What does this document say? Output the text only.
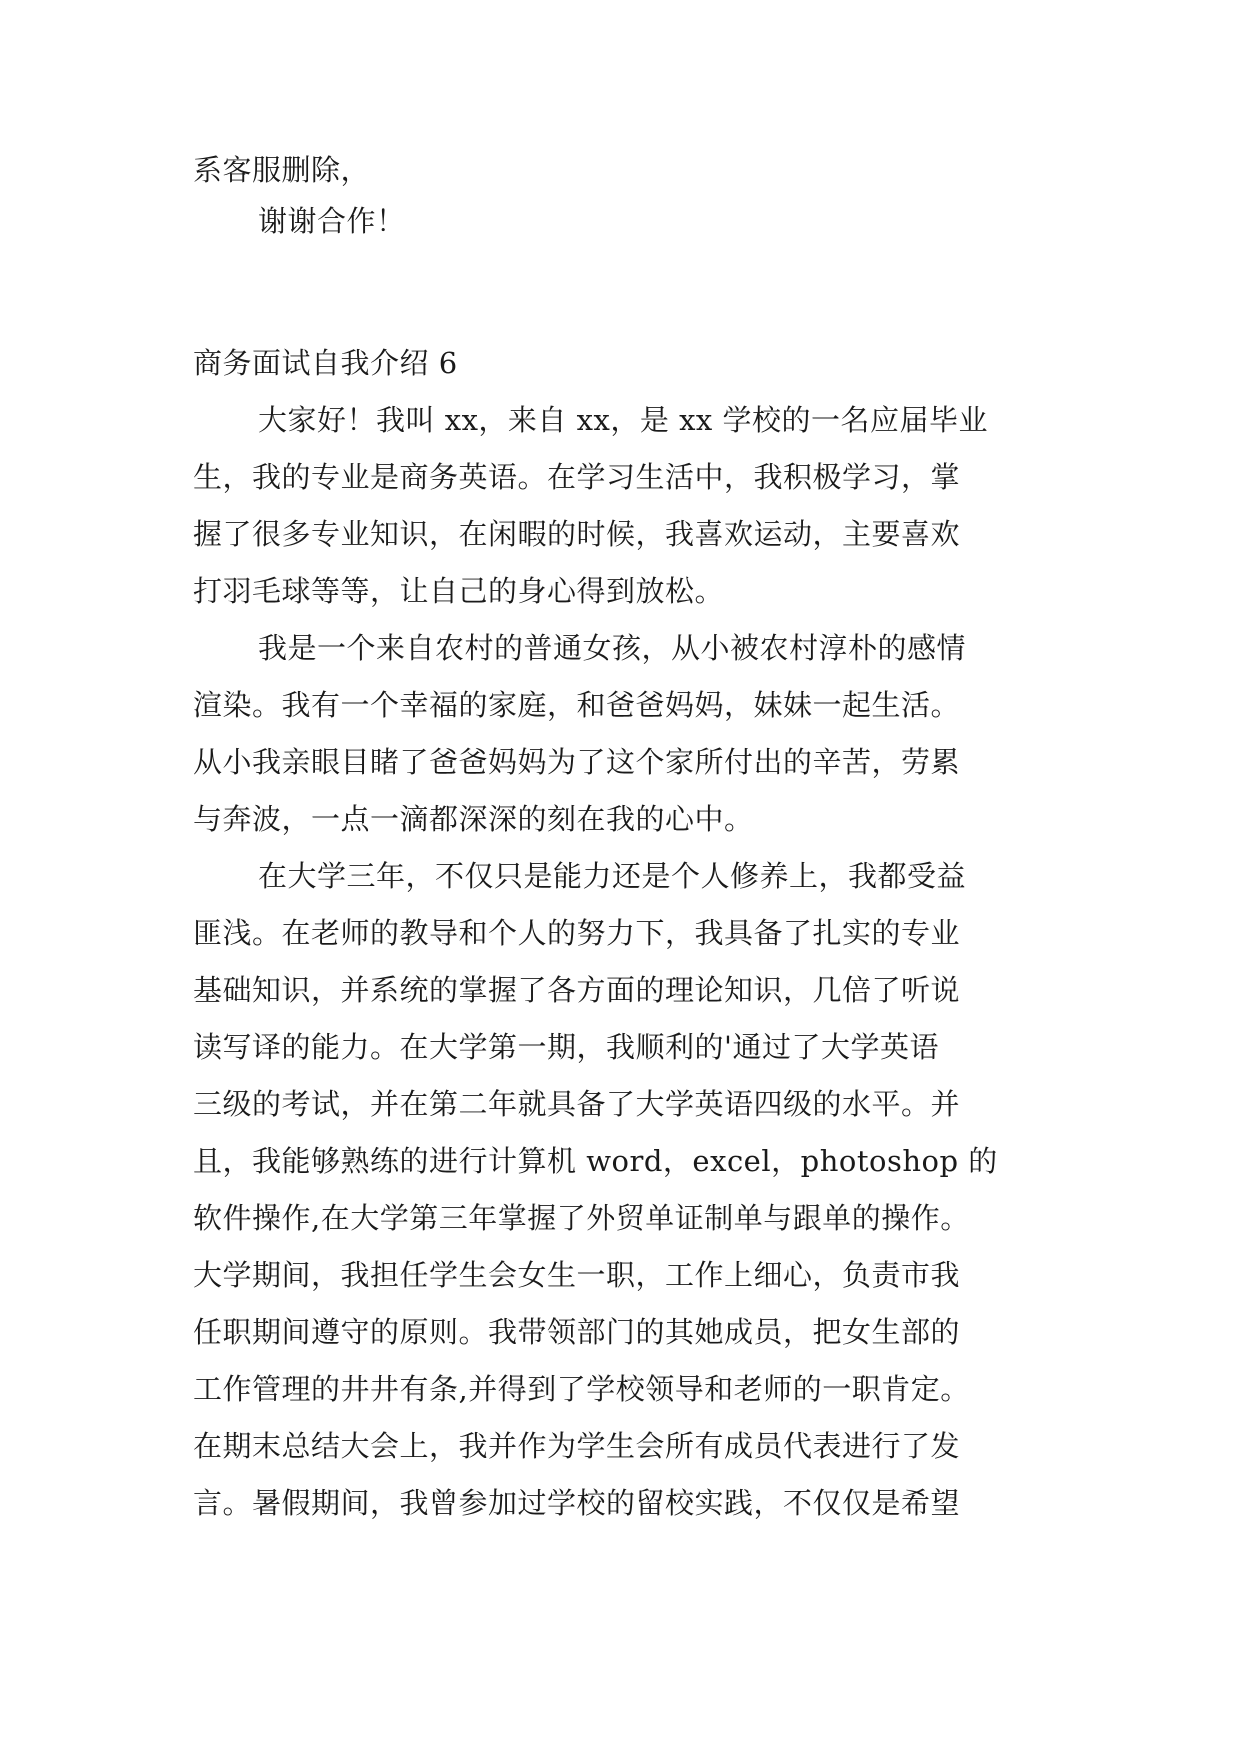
系客服删除，
谢谢合作！
商务面试自我介绍 6
大家好！我叫 xx，来自 xx，是 xx 学校的一名应届毕业
生，我的专业是商务英语。在学习生活中，我积极学习，掌
握了很多专业知识，在闲暇的时候，我喜欢运动，主要喜欢
打羽毛球等等，让自己的身心得到放松。
我是一个来自农村的普通女孩，从小被农村淳朴的感情
渲染。我有一个幸福的家庭，和爸爸妈妈，妹妹一起生活。
从小我亲眼目睹了爸爸妈妈为了这个家所付出的辛苦，劳累
与奔波，一点一滴都深深的刻在我的心中。
在大学三年，不仅只是能力还是个人修养上，我都受益
匪浅。在老师的教导和个人的努力下，我具备了扎实的专业
基础知识，并系统的掌握了各方面的理论知识，几倍了听说
读写译的能力。在大学第一期，我顺利的'通过了大学英语
三级的考试，并在第二年就具备了大学英语四级的水平。并
且，我能够熟练的进行计算机 word，excel，photoshop 的
软件操作,在大学第三年掌握了外贸单证制单与跟单的操作。
大学期间，我担任学生会女生一职，工作上细心，负责市我
任职期间遵守的原则。我带领部门的其她成员，把女生部的
工作管理的井井有条,并得到了学校领导和老师的一职肯定。
在期末总结大会上，我并作为学生会所有成员代表进行了发
言。暑假期间，我曾参加过学校的留校实践，不仅仅是希望
